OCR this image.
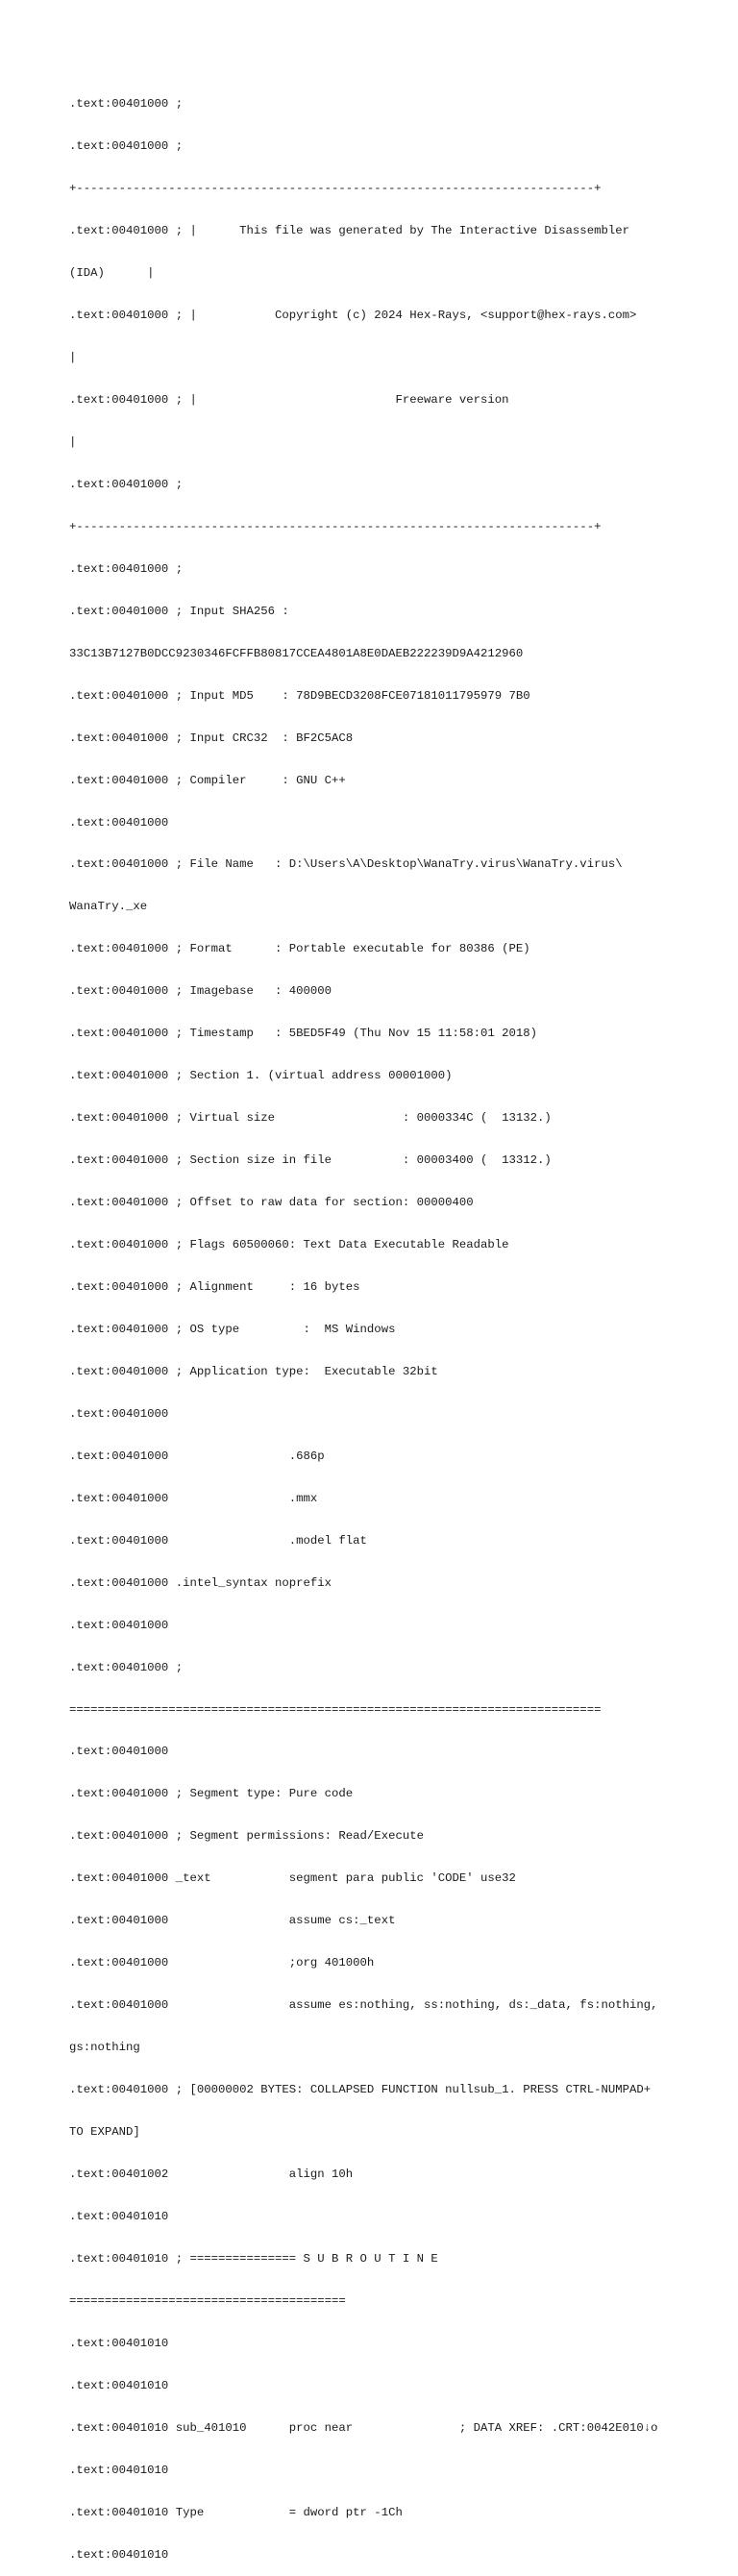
.text:00401000 ;

.text:00401000 ;

+-------------------------------------------------------------------------+

.text:00401000 ; |      This file was generated by The Interactive Disassembler

(IDA)      |

.text:00401000 ; |           Copyright (c) 2024 Hex-Rays, <support@hex-rays.com>

|

.text:00401000 ; |                            Freeware version

|

.text:00401000 ;

+-------------------------------------------------------------------------+

.text:00401000 ;

.text:00401000 ; Input SHA256 :

33C13B7127B0DCC9230346FCFFB80817CCEA4801A8E0DAEB222239D9A4212960

.text:00401000 ; Input MD5    : 78D9BECD3208FCE07181011795979 7B0

.text:00401000 ; Input CRC32  : BF2C5AC8

.text:00401000 ; Compiler     : GNU C++

.text:00401000

.text:00401000 ; File Name   : D:\Users\A\Desktop\WanaTry.virus\WanaTry.virus\

WanaTry._xe

.text:00401000 ; Format      : Portable executable for 80386 (PE)

.text:00401000 ; Imagebase   : 400000

.text:00401000 ; Timestamp   : 5BED5F49 (Thu Nov 15 11:58:01 2018)

.text:00401000 ; Section 1. (virtual address 00001000)

.text:00401000 ; Virtual size                  : 0000334C (  13132.)

.text:00401000 ; Section size in file          : 00003400 (  13312.)

.text:00401000 ; Offset to raw data for section: 00000400

.text:00401000 ; Flags 60500060: Text Data Executable Readable

.text:00401000 ; Alignment     : 16 bytes

.text:00401000 ; OS type         :  MS Windows

.text:00401000 ; Application type:  Executable 32bit

.text:00401000

.text:00401000                 .686p

.text:00401000                 .mmx

.text:00401000                 .model flat

.text:00401000 .intel_syntax noprefix

.text:00401000

.text:00401000 ;

===========================================================================

.text:00401000

.text:00401000 ; Segment type: Pure code

.text:00401000 ; Segment permissions: Read/Execute

.text:00401000 _text           segment para public 'CODE' use32

.text:00401000                 assume cs:_text

.text:00401000                 ;org 401000h

.text:00401000                 assume es:nothing, ss:nothing, ds:_data, fs:nothing,

gs:nothing

.text:00401000 ; [00000002 BYTES: COLLAPSED FUNCTION nullsub_1. PRESS CTRL-NUMPAD+

TO EXPAND]

.text:00401002                 align 10h

.text:00401010

.text:00401010 ; =============== S U B R O U T I N E

=======================================

.text:00401010

.text:00401010

.text:00401010 sub_401010      proc near               ; DATA XREF: .CRT:0042E010↓o

.text:00401010

.text:00401010 Type            = dword ptr -1Ch

.text:00401010
